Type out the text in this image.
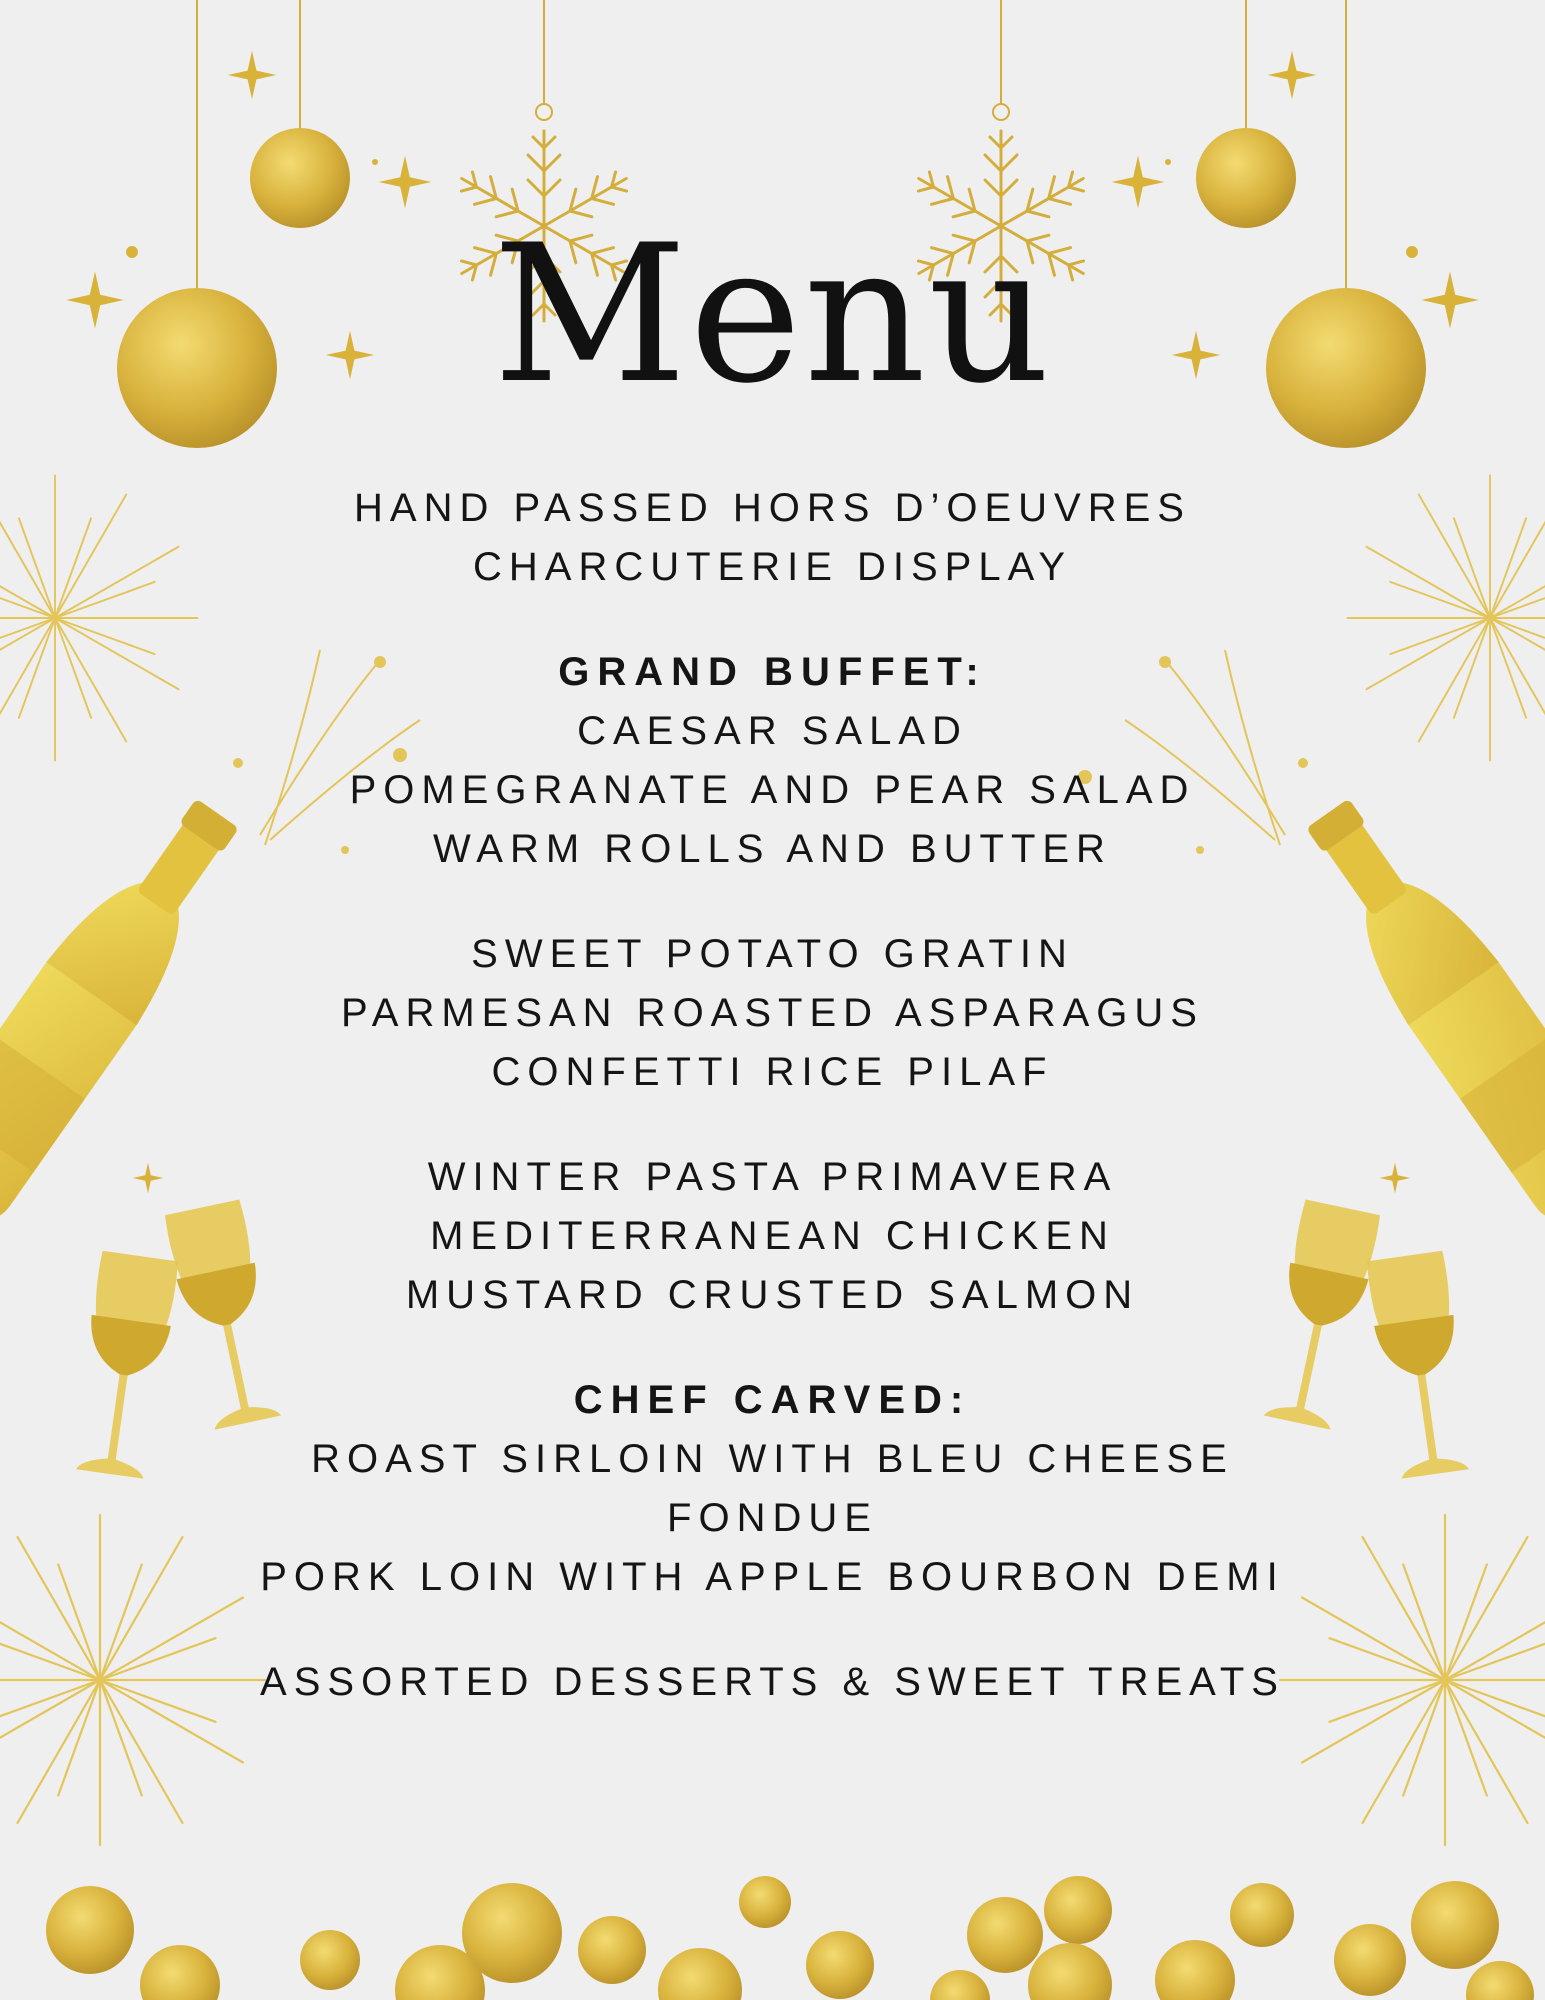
Menu
HAND PASSED HORS D’OEUVRES
CHARCUTERIE DISPLAY
GRAND BUFFET:
CAESAR SALAD
POMEGRANATE AND PEAR SALAD
WARM ROLLS AND BUTTER
SWEET POTATO GRATIN
PARMESAN ROASTED ASPARAGUS
CONFETTI RICE PILAF
WINTER PASTA PRIMAVERA
MEDITERRANEAN CHICKEN
MUSTARD CRUSTED SALMON
CHEF CARVED:
ROAST SIRLOIN WITH BLEU CHEESE FONDUE
PORK LOIN WITH APPLE BOURBON DEMI
ASSORTED DESSERTS & SWEET TREATS
